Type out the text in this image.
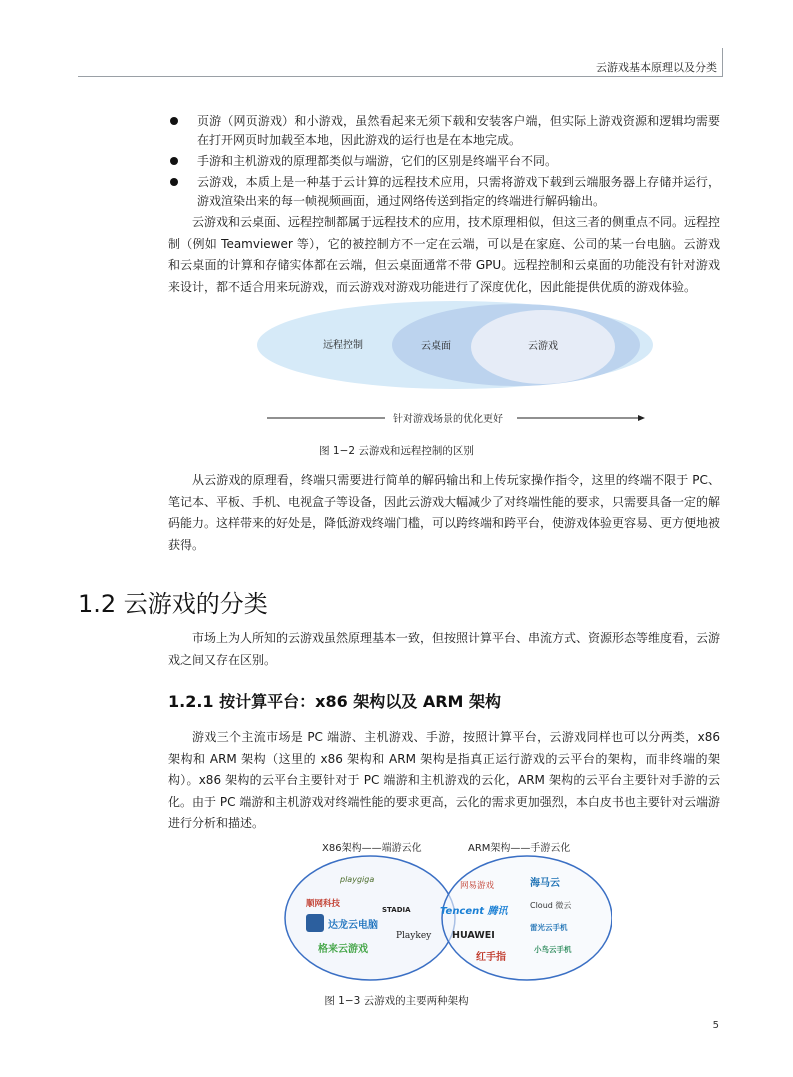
云游戏基本原理以及分类
页游（网页游戏）和小游戏，虽然看起来无须下载和安装客户端，但实际上游戏资源和逻辑均需要在打开网页时加载至本地，因此游戏的运行也是在本地完成。
手游和主机游戏的原理都类似与端游，它们的区别是终端平台不同。
云游戏，本质上是一种基于云计算的远程技术应用，只需将游戏下载到云端服务器上存储并运行，游戏渲染出来的每一帧视频画面，通过网络传送到指定的终端进行解码输出。

云游戏和云桌面、远程控制都属于远程技术的应用，技术原理相似，但这三者的侧重点不同。远程控制（例如 Teamviewer 等），它的被控制方不一定在云端，可以是在家庭、公司的某一台电脑。云游戏和云桌面的计算和存储实体都在云端，但云桌面通常不带 GPU。远程控制和云桌面的功能没有针对游戏来设计，都不适合用来玩游戏，而云游戏对游戏功能进行了深度优化，因此能提供优质的游戏体验。

远程控制	云桌面	云游戏
针对游戏场景的优化更好
图 1−2 云游戏和远程控制的区别

从云游戏的原理看，终端只需要进行简单的解码输出和上传玩家操作指令，这里的终端不限于 PC、笔记本、平板、手机、电视盒子等设备，因此云游戏大幅减少了对终端性能的要求，只需要具备一定的解码能力。这样带来的好处是，降低游戏终端门槛，可以跨终端和跨平台，使游戏体验更容易、更方便地被获得。

1.2 云游戏的分类

市场上为人所知的云游戏虽然原理基本一致，但按照计算平台、串流方式、资源形态等维度看，云游戏之间又存在区别。

1.2.1 按计算平台：x86 架构以及 ARM 架构

游戏三个主流市场是 PC 端游、主机游戏、手游，按照计算平台，云游戏同样也可以分两类，x86 架构和 ARM 架构（这里的 x86 架构和 ARM 架构是指真正运行游戏的云平台的架构，而非终端的架构）。x86 架构的云平台主要针对于 PC 端游和主机游戏的云化，ARM 架构的云平台主要针对手游的云化。由于 PC 端游和主机游戏对终端性能的要求更高，云化的需求更加强烈，本白皮书也主要针对云端游进行分析和描述。

X86架构——端游云化	ARM架构——手游云化
playgiga
顺网科技
STADIA
达龙云电脑
Playkey
格来云游戏
网易游戏	海马云
Tencent 腾讯
Cloud 微云
HUAWEI
雷光云手机
红手指
小鸟云手机
图 1−3 云游戏的主要两种架构
5
